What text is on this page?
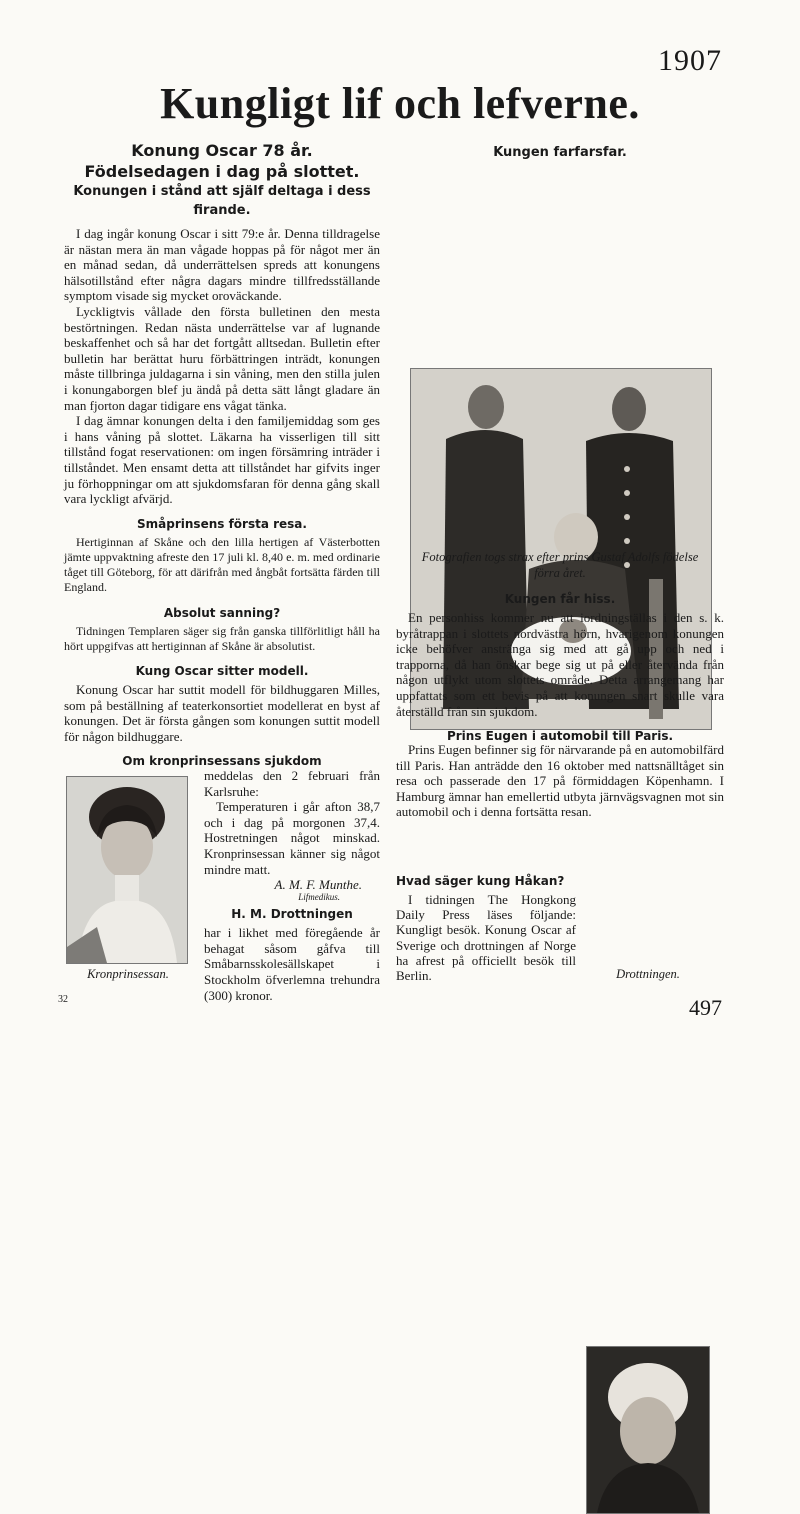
1907
Kungligt lif och lefverne.
Konung Oscar 78 år.
Födelsedagen i dag på slottet.
Konungen i stånd att själf deltaga i dess firande.

I dag ingår konung Oscar i sitt 79:e år. Denna tilldragelse är nästan mera än man vågade hoppas på för något mer än en månad sedan, då underrättelsen spreds att konungens hälsotillstånd efter några dagars mindre tillfredsställande symptom visade sig mycket oroväckande.

Lyckligtvis vållade den första bulletinen den mesta bestörtningen. Redan nästa underrättelse var af lugnande beskaffenhet och så har det fortgått alltsedan. Bulletin efter bulletin har berättat huru förbättringen inträdt, konungen måste tillbringa juldagarna i sin våning, men den stilla julen i konungaborgen blef ju ändå på detta sätt långt gladare än man fjorton dagar tidigare ens vågat tänka.

I dag ämnar konungen delta i den familjemiddag som ges i hans våning på slottet. Läkarna ha visserligen till sitt tillstånd fogat reservationen: om ingen försämring inträder i tillståndet. Men ensamt detta att tillståndet har gifvits inger ju förhoppningar om att sjukdomsfaran för denna gång skall vara lyckligt afvärjd.

Småprinsens första resa.

Hertiginnan af Skåne och den lilla hertigen af Västerbotten jämte uppvaktning afreste den 17 juli kl. 8,40 e. m. med ordinarie tåget till Göteborg, för att därifrån med ångbåt fortsätta färden till England.

Absolut sanning?

Tidningen Templaren säger sig från ganska tillförlitligt håll ha hört uppgifvas att hertiginnan af Skåne är absolutist.

Kung Oscar sitter modell.

Konung Oscar har suttit modell för bildhuggaren Milles, som på beställning af teaterkonsortiet modellerat en byst af konungen. Det är första gången som konungen suttit modell för någon bildhuggare.

Om kronprinsessans sjukdom
Kronprinsessan.

meddelas den 2 februari från Karlsruhe:

Temperaturen i går afton 38,7 och i dag på morgonen 37,4. Hostretningen något minskad. Kronprinsessan känner sig något mindre matt.

A. M. F. Munthe.
Lifmedikus.
H. M. Drottningen

har i likhet med föregående år behagat såsom gåfva till Småbarnsskolesällskapet i Stockholm öfverlemna trehundra (300) kronor.

Kungen farfarsfar.
Fotografien togs strax efter prins Gustaf Adolfs födelse förra året.
Kungen får hiss.

En personhiss kommer nu att iordningställas i den s. k. byråtrappan i slottets nordvästra hörn, hvarigenom konungen icke behöfver anstränga sig med att gå upp och ned i trapporna, då han önskar bege sig ut på eller återvända från någon utflykt utom slottets område. Detta arrangemang har uppfattats som ett bevis på att konungen snart skulle vara återställd från sin sjukdom.

Prins Eugen i automobil till Paris.

Prins Eugen befinner sig för närvarande på en automobilfärd till Paris. Han anträdde den 16 oktober med nattsnälltåget sin resa och passerade den 17 på förmiddagen Köpenhamn. I Hamburg ämnar han emellertid utbyta järnvägsvagnen mot sin automobil och i denna fortsätta resan.

Drottningen.
Hvad säger kung Håkan?

I tidningen The Hongkong Daily Press läses följande: Kungligt besök. Konung Oscar af Sverige och drottningen af Norge ha afrest på officiellt besök till Berlin.

32	497
